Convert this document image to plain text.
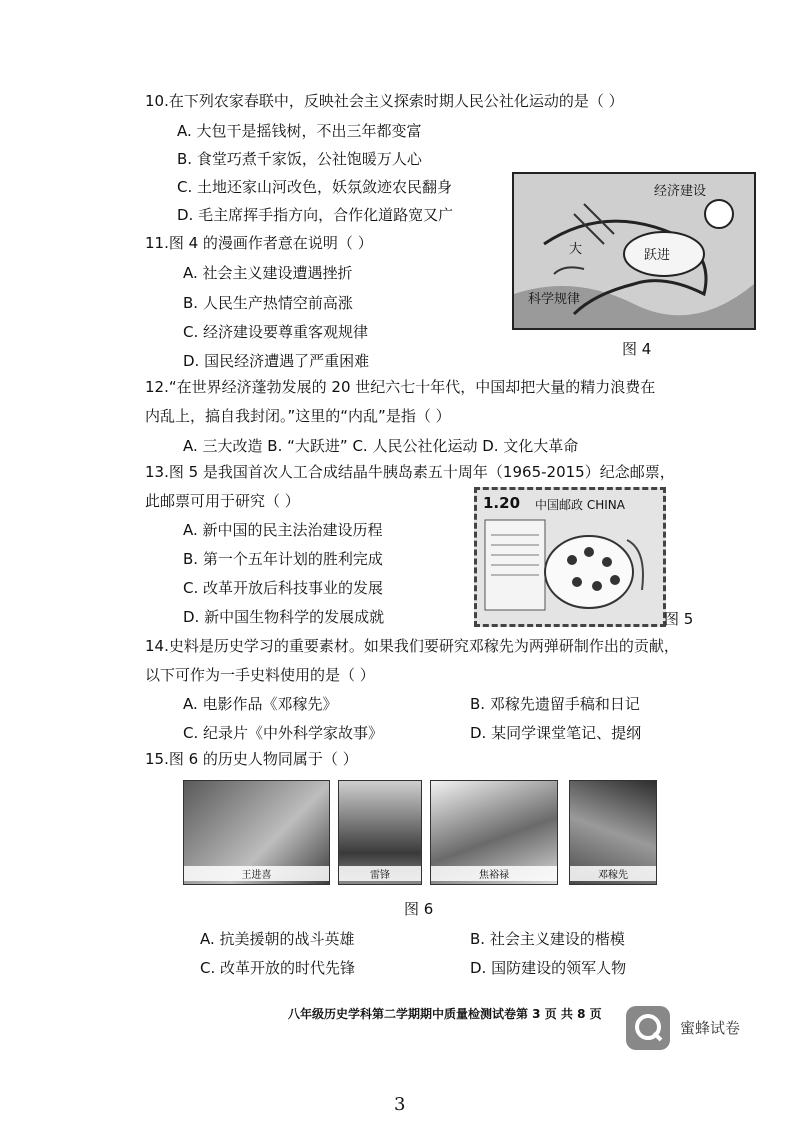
10.在下列农家春联中，反映社会主义探索时期人民公社化运动的是（ ）
A. 大包干是摇钱树，不出三年都变富
B. 食堂巧煮千家饭，公社饱暖万人心
C. 土地还家山河改色，妖氛敛迹农民翻身
D. 毛主席挥手指方向，合作化道路宽又广
经济建设
跃进
大
科学规律
图 4
11.图 4 的漫画作者意在说明（ ）
A. 社会主义建设遭遇挫折
B. 人民生产热情空前高涨
C. 经济建设要尊重客观规律
D. 国民经济遭遇了严重困难
12.“在世界经济蓬勃发展的 20 世纪六七十年代，中国却把大量的精力浪费在
内乱上，搞自我封闭。”这里的“内乱”是指（ ）
A. 三大改造 B. “大跃进” C. 人民公社化运动 D. 文化大革命
13.图 5 是我国首次人工合成结晶牛胰岛素五十周年（1965-2015）纪念邮票，
此邮票可用于研究（ ）
A. 新中国的民主法治建设历程
B. 第一个五年计划的胜利完成
C. 改革开放后科技事业的发展
D. 新中国生物科学的发展成就
1.20 中国邮政 CHINA
图 5
14.史料是历史学习的重要素材。如果我们要研究邓稼先为两弹研制作出的贡献，
以下可作为一手史料使用的是（ ）
A. 电影作品《邓稼先》	B. 邓稼先遗留手稿和日记
C. 纪录片《中外科学家故事》	D. 某同学课堂笔记、提纲
15.图 6 的历史人物同属于（ ）
王进喜	雷锋	焦裕禄	邓稼先
图 6
A. 抗美援朝的战斗英雄	B. 社会主义建设的楷模
C. 改革开放的时代先锋	D. 国防建设的领军人物
八年级历史学科第二学期期中质量检测试卷第 3 页 共 8 页
蜜蜂试卷
3
